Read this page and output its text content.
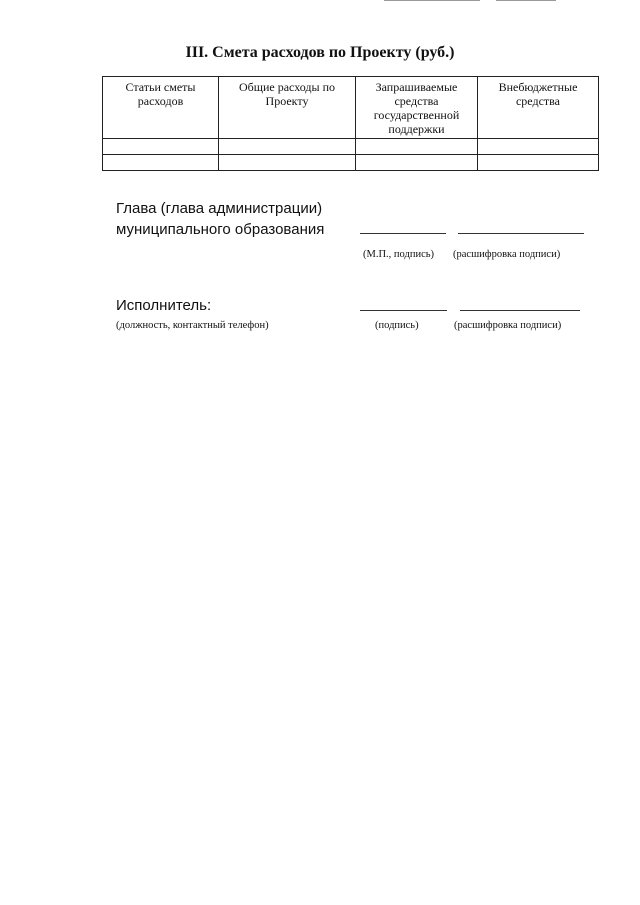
III. Смета расходов по Проекту (руб.)
Статьи сметы расходов	Общие расходы по Проекту	Запрашиваемые средства государственной поддержки	Внебюджетные средства

Глава (глава администрации)
муниципального образования
(М.П., подпись) (расшифровка подписи)
Исполнитель:
(должность, контактный телефон)	(подпись)	(расшифровка подписи)
